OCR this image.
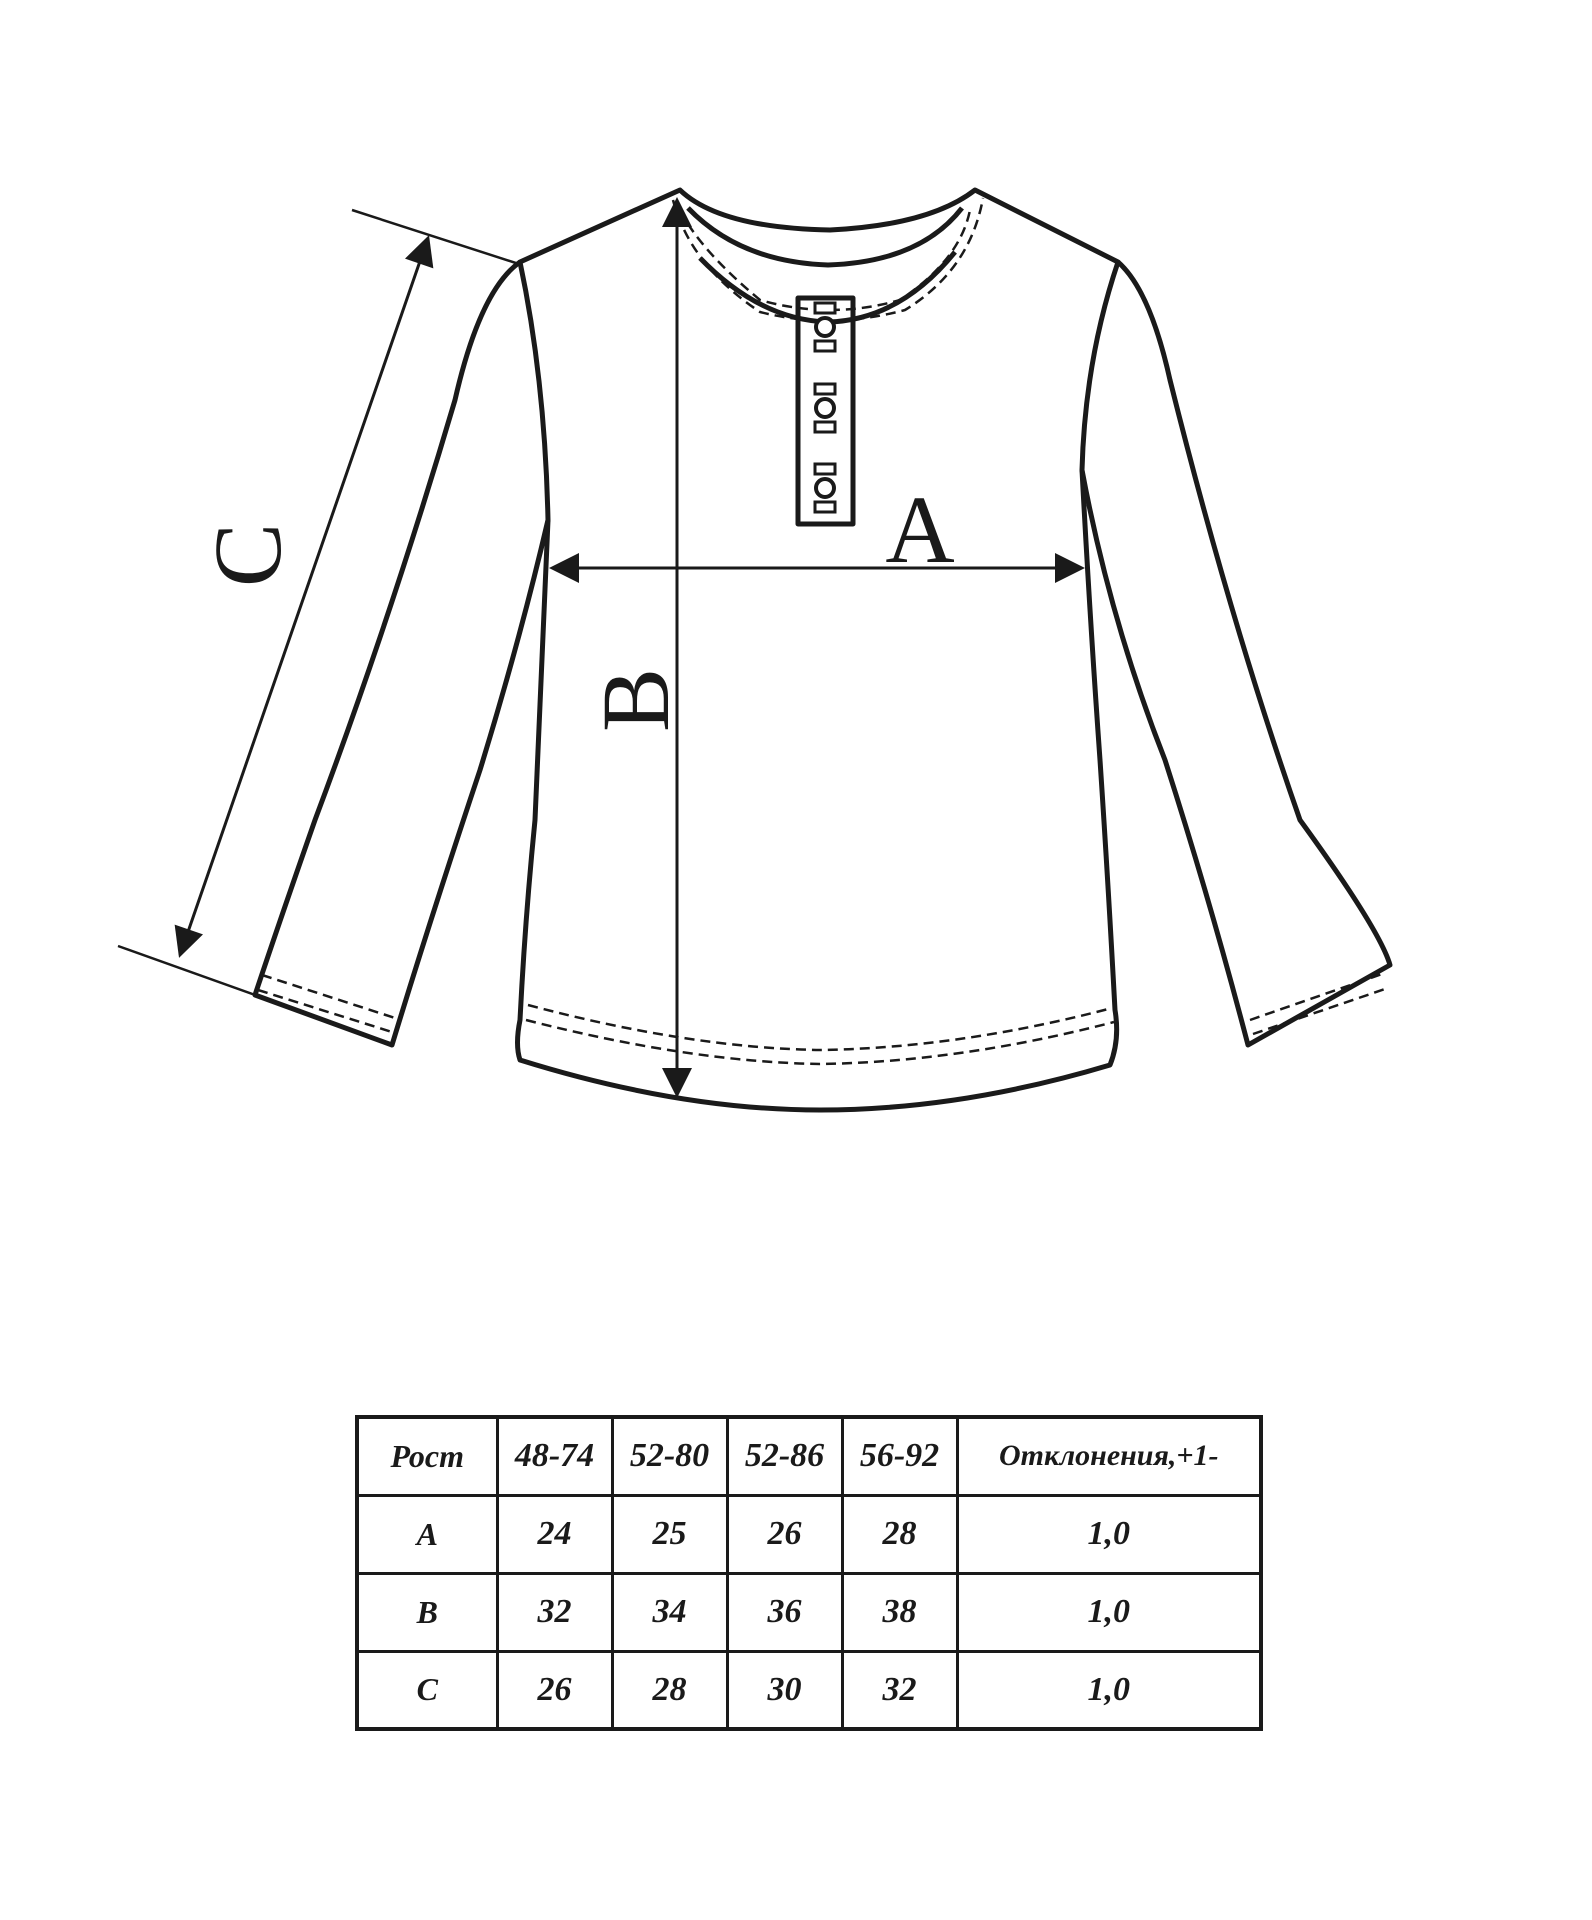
A
B
C
Рост	48-74	52-80	52-86	56-92	Отклонения,+1-
A	24	25	26	28	1,0
B	32	34	36	38	1,0
C	26	28	30	32	1,0
